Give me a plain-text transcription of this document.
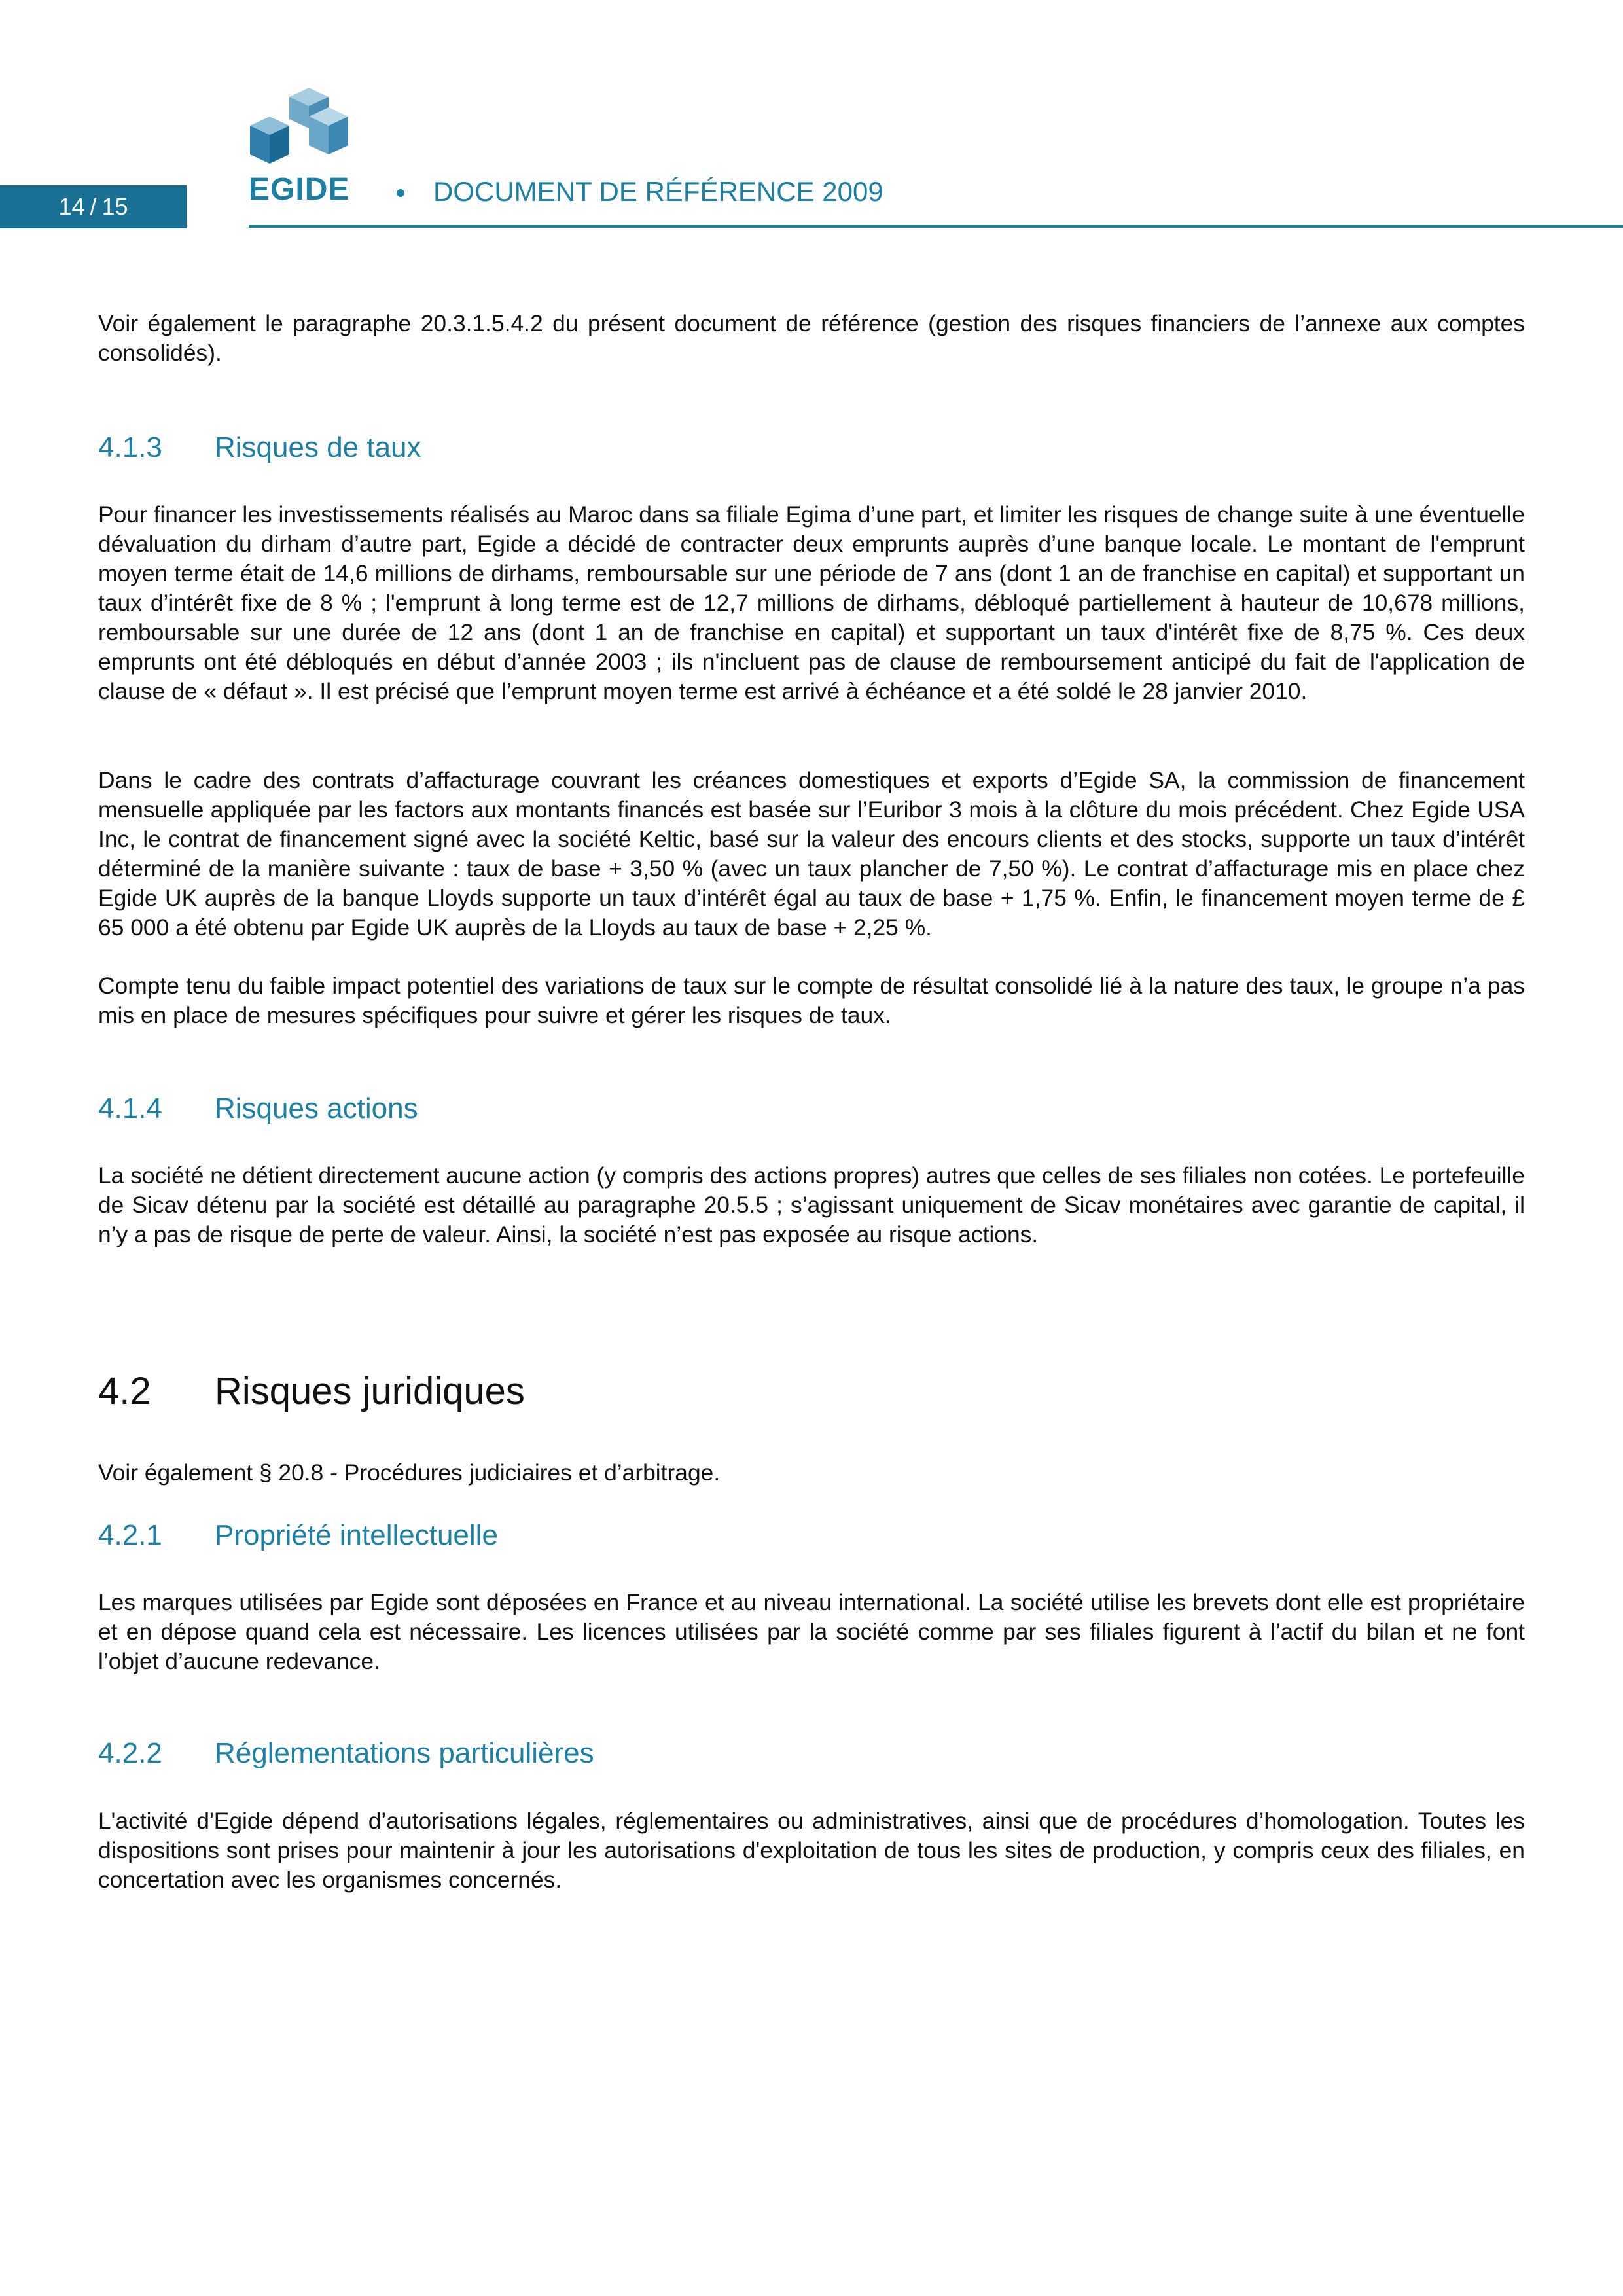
EGIDE
14 / 15	DOCUMENT DE RÉFÉRENCE 2009

Voir également le paragraphe 20.3.1.5.4.2 du présent document de référence (gestion des risques financiers de l’annexe aux comptes consolidés).

4.1.3 Risques de taux

Pour financer les investissements réalisés au Maroc dans sa filiale Egima d’une part, et limiter les risques de change suite à une éventuelle dévaluation du dirham d’autre part, Egide a décidé de contracter deux emprunts auprès d’une banque locale. Le montant de l'emprunt moyen terme était de 14,6 millions de dirhams, remboursable sur une période de 7 ans (dont 1 an de franchise en capital) et supportant un taux d’intérêt fixe de 8 % ; l'emprunt à long terme est de 12,7 millions de dirhams, débloqué partiellement à hauteur de 10,678 millions, remboursable sur une durée de 12 ans (dont 1 an de franchise en capital) et supportant un taux d'intérêt fixe de 8,75 %. Ces deux emprunts ont été débloqués en début d’année 2003 ; ils n'incluent pas de clause de remboursement anticipé du fait de l'application de clause de « défaut ». Il est précisé que l’emprunt moyen terme est arrivé à échéance et a été soldé le 28 janvier 2010.

Dans le cadre des contrats d’affacturage couvrant les créances domestiques et exports d’Egide SA, la commission de financement mensuelle appliquée par les factors aux montants financés est basée sur l’Euribor 3 mois à la clôture du mois précédent. Chez Egide USA Inc, le contrat de financement signé avec la société Keltic, basé sur la valeur des encours clients et des stocks, supporte un taux d’intérêt déterminé de la manière suivante : taux de base + 3,50 % (avec un taux plancher de 7,50 %). Le contrat d’affacturage mis en place chez Egide UK auprès de la banque Lloyds supporte un taux d’intérêt égal au taux de base + 1,75 %. Enfin, le financement moyen terme de £ 65 000 a été obtenu par Egide UK auprès de la Lloyds au taux de base + 2,25 %.

Compte tenu du faible impact potentiel des variations de taux sur le compte de résultat consolidé lié à la nature des taux, le groupe n’a pas mis en place de mesures spécifiques pour suivre et gérer les risques de taux.

4.1.4 Risques actions

La société ne détient directement aucune action (y compris des actions propres) autres que celles de ses filiales non cotées. Le portefeuille de Sicav détenu par la société est détaillé au paragraphe 20.5.5 ; s’agissant uniquement de Sicav monétaires avec garantie de capital, il n’y a pas de risque de perte de valeur. Ainsi, la société n’est pas exposée au risque actions.

4.2 Risques juridiques

Voir également § 20.8 - Procédures judiciaires et d’arbitrage.

4.2.1 Propriété intellectuelle

Les marques utilisées par Egide sont déposées en France et au niveau international. La société utilise les brevets dont elle est propriétaire et en dépose quand cela est nécessaire. Les licences utilisées par la société comme par ses filiales figurent à l’actif du bilan et ne font l’objet d’aucune redevance.

4.2.2 Réglementations particulières

L'activité d'Egide dépend d’autorisations légales, réglementaires ou administratives, ainsi que de procédures d’homologation. Toutes les dispositions sont prises pour maintenir à jour les autorisations d'exploitation de tous les sites de production, y compris ceux des filiales, en concertation avec les organismes concernés.
